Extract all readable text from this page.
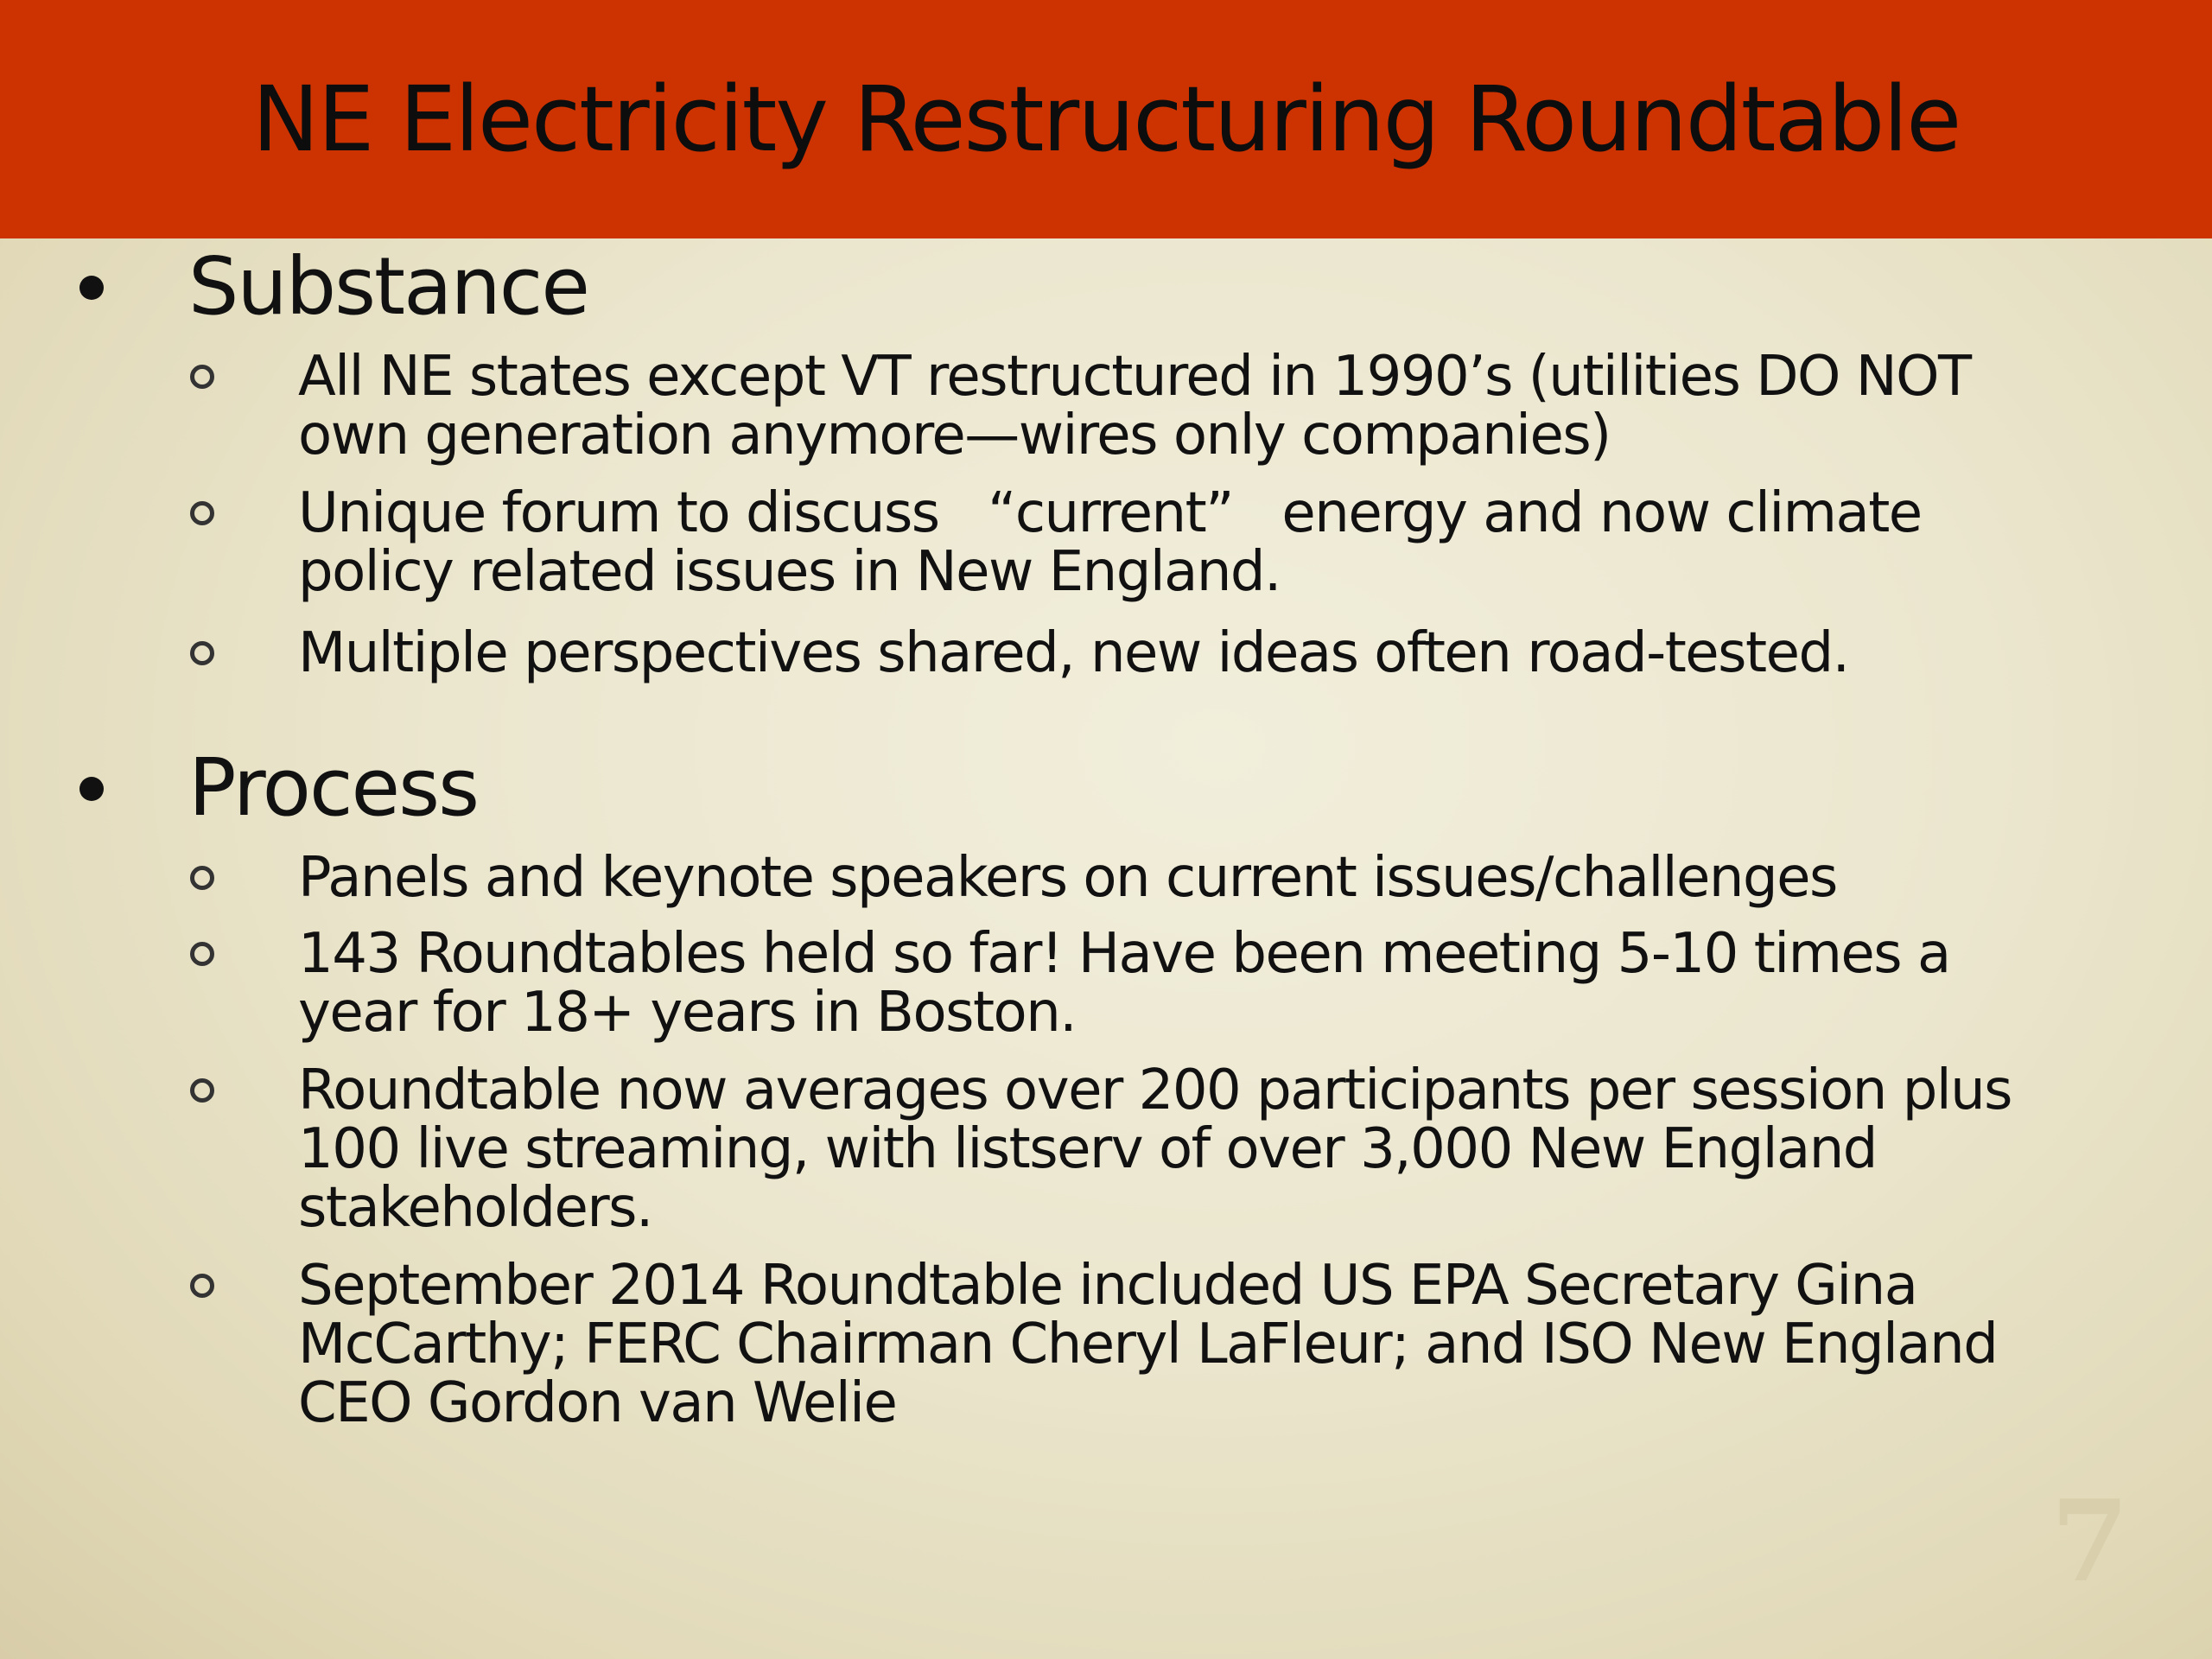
NE Electricity Restructuring Roundtable
Substance
All NE states except VT restructured in 1990’s (utilities DO NOT
own generation anymore—wires only companies)
Unique forum to discuss   “current”   energy and now climate
policy related issues in New England.
Multiple perspectives shared, new ideas often road-tested.
Process
Panels and keynote speakers on current issues/challenges
143 Roundtables held so far! Have been meeting 5-10 times a
year for 18+ years in Boston.
Roundtable now averages over 200 participants per session plus
100 live streaming, with listserv of over 3,000 New England
stakeholders.
September 2014 Roundtable included US EPA Secretary Gina
McCarthy; FERC Chairman Cheryl LaFleur; and ISO New England
CEO Gordon van Welie
7
